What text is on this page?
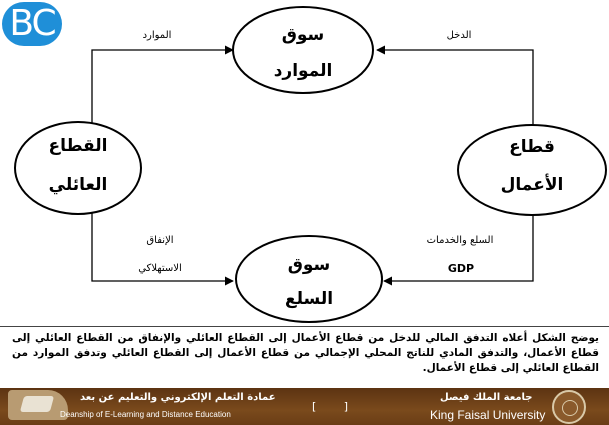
BC	سوق
الموارد
قطاع
الأعمال
القطاع
العائلي
سوق
السلع
الموارد	الدخل
الإنفاق
الاستهلاكي
السلع والخدمات
GDP

يوضح الشكل أعلاه التدفق المالي للدخل من قطاع الأعمال إلى القطاع العائلي والإنفاق من القطاع العائلي إلى قطاع الأعمال، والتدفق المادي للناتج المحلي الإجمالي من قطاع الأعمال إلى القطاع العائلي وتدفق الموارد من القطاع العائلي إلى قطاع الأعمال.

عمادة التعلم الإلكتروني والتعليم عن بعد
Deanship of E-Learning and Distance Education
[ ]
جامعة الملك فيصل
King Faisal University
